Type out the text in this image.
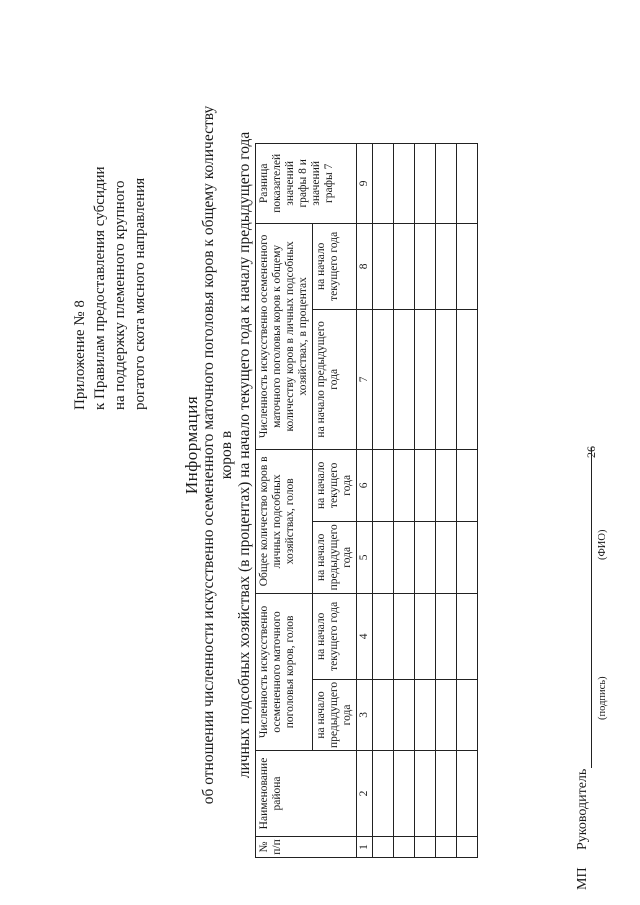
26
Приложение № 8 к Правилам предоставления субсидии на поддержку племенного крупного рогатого скота мясного направления
Информация об отношении численности искусственно осемененного маточного поголовья коров к общему количеству коров в личных подсобных хозяйствах (в процентах) на начало текущего года к началу предыдущего года
№ п/п	Наименование района	Численность искусственно осемененного маточного поголовья коров, голов		Общее количество коров в личных подсобных хозяйствах, голов		Численность искусственно осемененного маточного поголовья коров к общему количеству коров в личных подсобных хозяйствах, в процентах		Разница показателей значений графы 8 и значений графы 7
		на начало предыдущего года	на начало текущего года	на начало предыдущего года	на начало текущего года	на начало предыдущего года	на начало текущего года	
1	2	3	4	5	6	7	8	9

МП
Руководитель
(подпись)
(ФИО)
